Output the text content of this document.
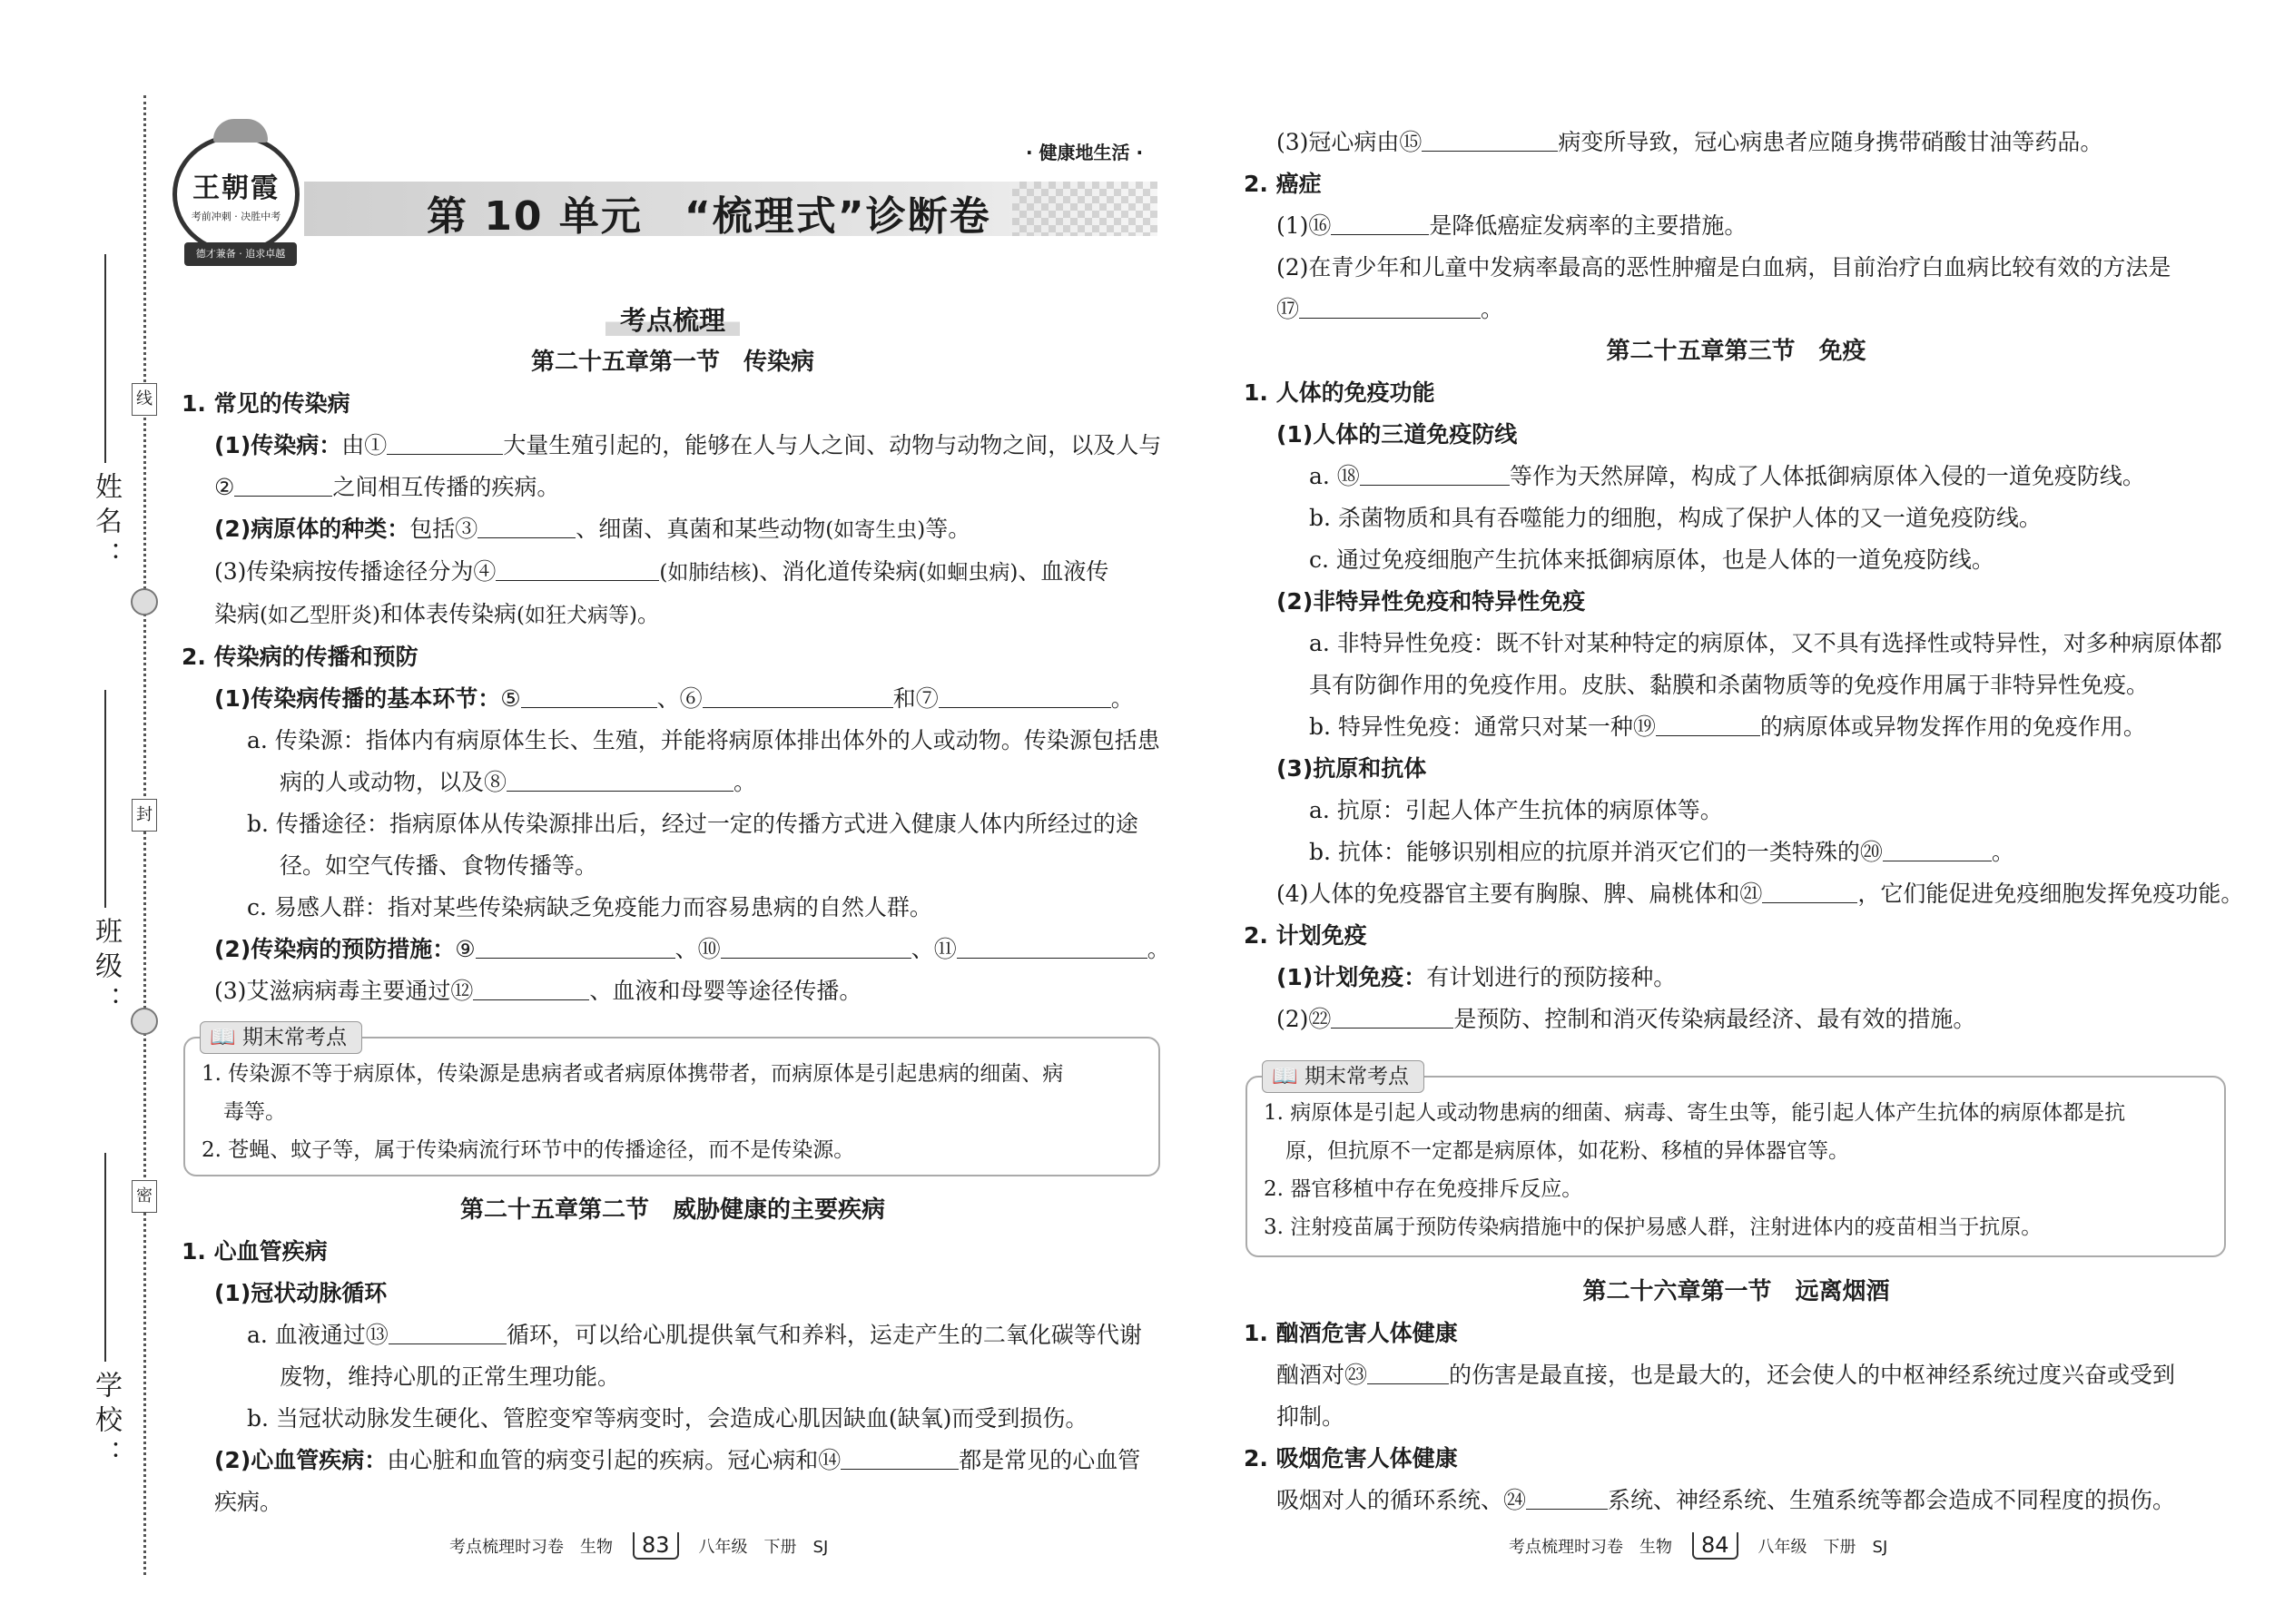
线
封
密
姓名：
班级：
学校：
王朝霞
考前冲刺 · 决胜中考
德才兼备 · 追求卓越
第 10 单元　“梳理式”诊断卷
· 健康地生活 ·

考点梳理

第二十五章第一节　传染病

1. 常见的传染病

(1)传染病：由①	大量生殖引起的，能够在人与人之间、动物与动物之间，以及人与

②	之间相互传播的疾病。

(2)病原体的种类：包括③	、细菌、真菌和某些动物(如寄生虫)等。

(3)传染病按传播途径分为④	(如肺结核)、消化道传染病(如蛔虫病)、血液传

染病(如乙型肝炎)和体表传染病(如狂犬病等)。

2. 传染病的传播和预防

(1)传染病传播的基本环节：⑤	、⑥	和⑦	。

a. 传染源：指体内有病原体生长、生殖，并能将病原体排出体外的人或动物。传染源包括患

病的人或动物，以及⑧	。

b. 传播途径：指病原体从传染源排出后，经过一定的传播方式进入健康人体内所经过的途

径。如空气传播、食物传播等。

c. 易感人群：指对某些传染病缺乏免疫能力而容易患病的自然人群。

(2)传染病的预防措施：⑨	、⑩	、⑪	。

(3)艾滋病病毒主要通过⑫	、血液和母婴等途径传播。

📖 期末常考点

1. 传染源不等于病原体，传染源是患病者或者病原体携带者，而病原体是引起患病的细菌、病

毒等。

2. 苍蝇、蚊子等，属于传染病流行环节中的传播途径，而不是传染源。

第二十五章第二节　威胁健康的主要疾病

1. 心血管疾病

(1)冠状动脉循环

a. 血液通过⑬	循环，可以给心肌提供氧气和养料，运走产生的二氧化碳等代谢

废物，维持心肌的正常生理功能。

b. 当冠状动脉发生硬化、管腔变窄等病变时，会造成心肌因缺血(缺氧)而受到损伤。

(2)心血管疾病：由心脏和血管的病变引起的疾病。冠心病和⑭	都是常见的心血管

疾病。

(3)冠心病由⑮	病变所导致，冠心病患者应随身携带硝酸甘油等药品。

2. 癌症

(1)⑯	是降低癌症发病率的主要措施。

(2)在青少年和儿童中发病率最高的恶性肿瘤是白血病，目前治疗白血病比较有效的方法是

⑰	。

第二十五章第三节　免疫

1. 人体的免疫功能

(1)人体的三道免疫防线

a. ⑱	等作为天然屏障，构成了人体抵御病原体入侵的一道免疫防线。

b. 杀菌物质和具有吞噬能力的细胞，构成了保护人体的又一道免疫防线。

c. 通过免疫细胞产生抗体来抵御病原体，也是人体的一道免疫防线。

(2)非特异性免疫和特异性免疫

a. 非特异性免疫：既不针对某种特定的病原体，又不具有选择性或特异性，对多种病原体都

具有防御作用的免疫作用。皮肤、黏膜和杀菌物质等的免疫作用属于非特异性免疫。

b. 特异性免疫：通常只对某一种⑲	的病原体或异物发挥作用的免疫作用。

(3)抗原和抗体

a. 抗原：引起人体产生抗体的病原体等。

b. 抗体：能够识别相应的抗原并消灭它们的一类特殊的⑳	。

(4)人体的免疫器官主要有胸腺、脾、扁桃体和㉑	，它们能促进免疫细胞发挥免疫功能。

2. 计划免疫

(1)计划免疫：有计划进行的预防接种。

(2)㉒	是预防、控制和消灭传染病最经济、最有效的措施。

📖 期末常考点

1. 病原体是引起人或动物患病的细菌、病毒、寄生虫等，能引起人体产生抗体的病原体都是抗

原，但抗原不一定都是病原体，如花粉、移植的异体器官等。

2. 器官移植中存在免疫排斥反应。

3. 注射疫苗属于预防传染病措施中的保护易感人群，注射进体内的疫苗相当于抗原。

第二十六章第一节　远离烟酒

1. 酗酒危害人体健康

酗酒对㉓	的伤害是最直接，也是最大的，还会使人的中枢神经系统过度兴奋或受到

抑制。

2. 吸烟危害人体健康

吸烟对人的循环系统、㉔	系统、神经系统、生殖系统等都会造成不同程度的损伤。

考点梳理时习卷　生物	83	八年级　下册　SJ	考点梳理时习卷　生物	84	八年级　下册　SJ
